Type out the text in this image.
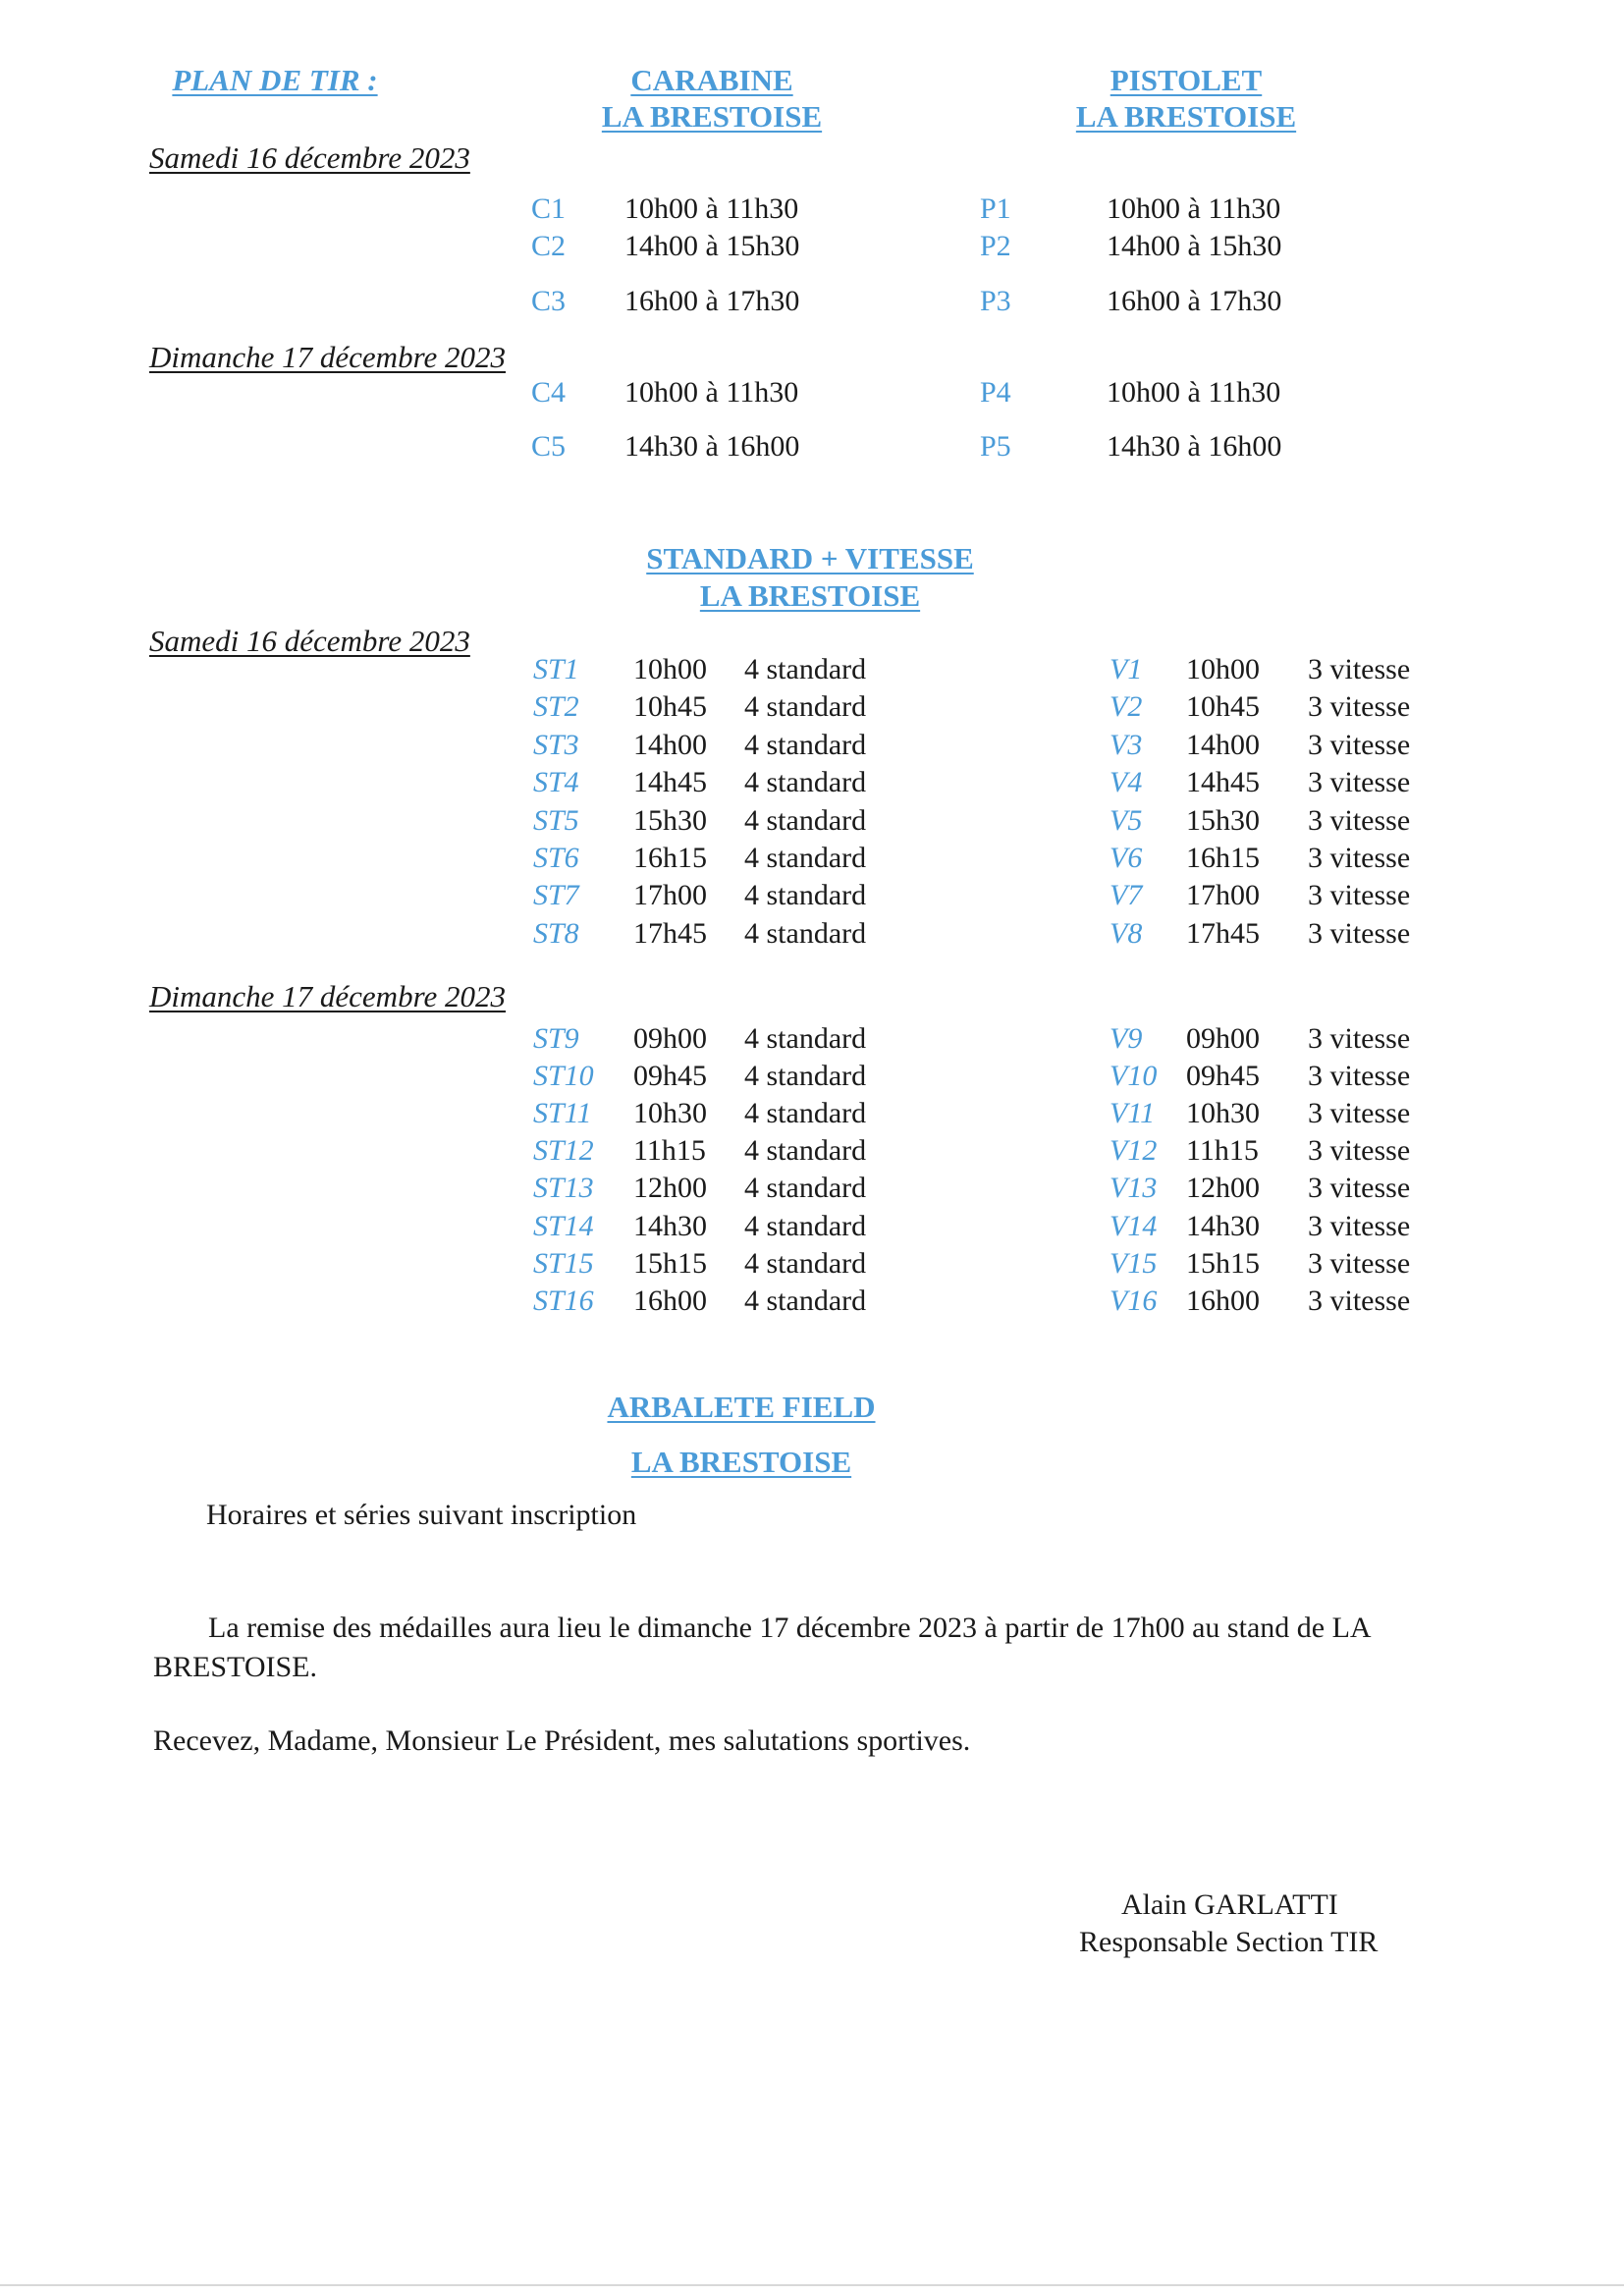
PLAN DE TIR :	CARABINE
LA BRESTOISE
PISTOLET
LA BRESTOISE
Samedi 16 décembre 2023
Dimanche 17 décembre 2023
C1 10h00 à 11h30	P1	10h00 à 11h30
C2 14h00 à 15h30	P2	14h00 à 15h30
C3 16h00 à 17h30	P3	16h00 à 17h30
C4 10h00 à 11h30	P4	10h00 à 11h30
C5 14h30 à 16h00	P5	14h30 à 16h00
STANDARD + VITESSE
LA BRESTOISE
Samedi 16 décembre 2023
Dimanche 17 décembre 2023
ST1 10h00 4 standard	V1 10h00 3 vitesse
ST2 10h45 4 standard	V2 10h45 3 vitesse
ST3 14h00 4 standard	V3 14h00 3 vitesse
ST4 14h45 4 standard	V4 14h45 3 vitesse
ST5 15h30 4 standard	V5 15h30 3 vitesse
ST6 16h15 4 standard	V6 16h15 3 vitesse
ST7 17h00 4 standard	V7 17h00 3 vitesse
ST8 17h45 4 standard	V8 17h45 3 vitesse
ST9 09h00 4 standard	V9 09h00 3 vitesse
ST10 09h45 4 standard	V10 09h45 3 vitesse
ST11 10h30 4 standard	V11 10h30 3 vitesse
ST12 11h15 4 standard	V12 11h15 3 vitesse
ST13 12h00 4 standard	V13 12h00 3 vitesse
ST14 14h30 4 standard	V14 14h30 3 vitesse
ST15 15h15 4 standard	V15 15h15 3 vitesse
ST16 16h00 4 standard	V16 16h00 3 vitesse
ARBALETE FIELD
LA BRESTOISE
Horaires et séries suivant inscription
La remise des médailles aura lieu le dimanche 17 décembre 2023 à partir de 17h00 au stand de LA
BRESTOISE.
Recevez, Madame, Monsieur Le Président, mes salutations sportives.
Alain GARLATTI
Responsable Section TIR
